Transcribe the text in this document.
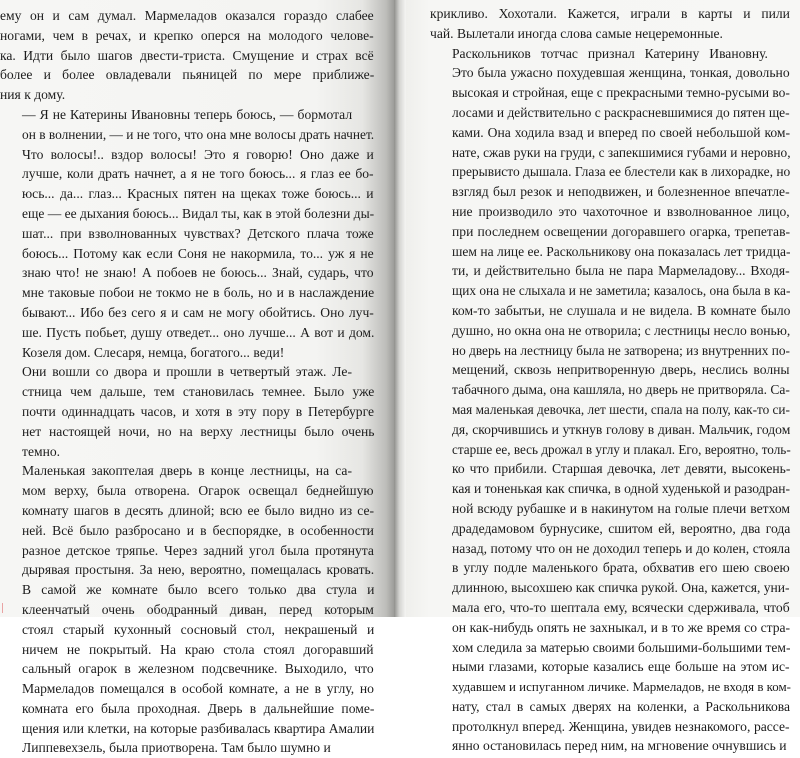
ему он и сам думал. Мармеладов оказался гораздо слабее
ногами, чем в речах, и крепко оперся на молодого челове-
ка. Идти было шагов двести-триста. Смущение и страх всё
более и более овладевали пьяницей по мере приближе-
ния к дому.

— Я не Катерины Ивановны теперь боюсь, — бормотал
он в волнении, — и не того, что она мне волосы драть начнет.
Что волосы!.. вздор волосы! Это я говорю! Оно даже и
лучше, коли драть начнет, а я не того боюсь... я глаз ее бо-
юсь... да... глаз... Красных пятен на щеках тоже боюсь... и
еще — ее дыхания боюсь... Видал ты, как в этой болезни ды-
шат... при взволнованных чувствах? Детского плача тоже
боюсь... Потому как если Соня не накормила, то... уж я не
знаю что! не знаю! А побоев не боюсь... Знай, сударь, что
мне таковые побои не токмо не в боль, но и в наслаждение
бывают... Ибо без сего я и сам не могу обойтись. Оно луч-
ше. Пусть побьет, душу отведет... оно лучше... А вот и дом.
Козеля дом. Слесаря, немца, богатого... веди!

Они вошли со двора и прошли в четвертый этаж. Ле-
стница чем дальше, тем становилась темнее. Было уже
почти одиннадцать часов, и хотя в эту пору в Петербурге
нет настоящей ночи, но на верху лестницы было очень
темно.

Маленькая закоптелая дверь в конце лестницы, на са-
мом верху, была отворена. Огарок освещал беднейшую
комнату шагов в десять длиной; всю ее было видно из се-
ней. Всё было разбросано и в беспорядке, в особенности
разное детское тряпье. Через задний угол была протянута
дырявая простыня. За нею, вероятно, помещалась кровать.
В самой же комнате было всего только два стула и
клеенчатый очень ободранный диван, перед которым
стоял старый кухонный сосновый стол, некрашеный и
ничем не покрытый. На краю стола стоял догоравший
сальный огарок в железном подсвечнике. Выходило, что
Мармеладов помещался в особой комнате, а не в углу, но
комната его была проходная. Дверь в дальнейшие поме-
щения или клетки, на которые разбивалась квартира Амалии
Липпевехзель, была приотворена. Там было шумно и

крикливо. Хохотали. Кажется, играли в карты и пили
чай. Вылетали иногда слова самые нецеремонные.

Раскольников тотчас признал Катерину Ивановну.
Это была ужасно похудевшая женщина, тонкая, довольно
высокая и стройная, еще с прекрасными темно-русыми во-
лосами и действительно с раскрасневшимися до пятен ще-
ками. Она ходила взад и вперед по своей небольшой ком-
нате, сжав руки на груди, с запекшимися губами и неровно,
прерывисто дышала. Глаза ее блестели как в лихорадке, но
взгляд был резок и неподвижен, и болезненное впечатле-
ние производило это чахоточное и взволнованное лицо,
при последнем освещении догоравшего огарка, трепетав-
шем на лице ее. Раскольникову она показалась лет тридца-
ти, и действительно была не пара Мармеладову... Входя-
щих она не слыхала и не заметила; казалось, она была в ка-
ком-то забытьи, не слушала и не видела. В комнате было
душно, но окна она не отворила; с лестницы несло вонью,
но дверь на лестницу была не затворена; из внутренних по-
мещений, сквозь непритворенную дверь, неслись волны
табачного дыма, она кашляла, но дверь не притворяла. Са-
мая маленькая девочка, лет шести, спала на полу, как-то си-
дя, скорчившись и уткнув голову в диван. Мальчик, годом
старше ее, весь дрожал в углу и плакал. Его, вероятно, толь-
ко что прибили. Старшая девочка, лет девяти, высокень-
кая и тоненькая как спичка, в одной худенькой и разодран-
ной всюду рубашке и в накинутом на голые плечи ветхом
драдедамовом бурнусике, сшитом ей, вероятно, два года
назад, потому что он не доходил теперь и до колен, стояла
в углу подле маленького брата, обхватив его шею своею
длинною, высохшею как спичка рукой. Она, кажется, уни-
мала его, что-то шептала ему, всячески сдерживала, чтоб
он как-нибудь опять не захныкал, и в то же время со стра-
хом следила за матерью своими большими-большими тем-
ными глазами, которые казались еще больше на этом ис-
худавшем и испуганном личике. Мармеладов, не входя в ком-
нату, стал в самых дверях на коленки, а Раскольникова
протолкнул вперед. Женщина, увидев незнакомого, рассе-
янно остановилась перед ним, на мгновение очнувшись и
